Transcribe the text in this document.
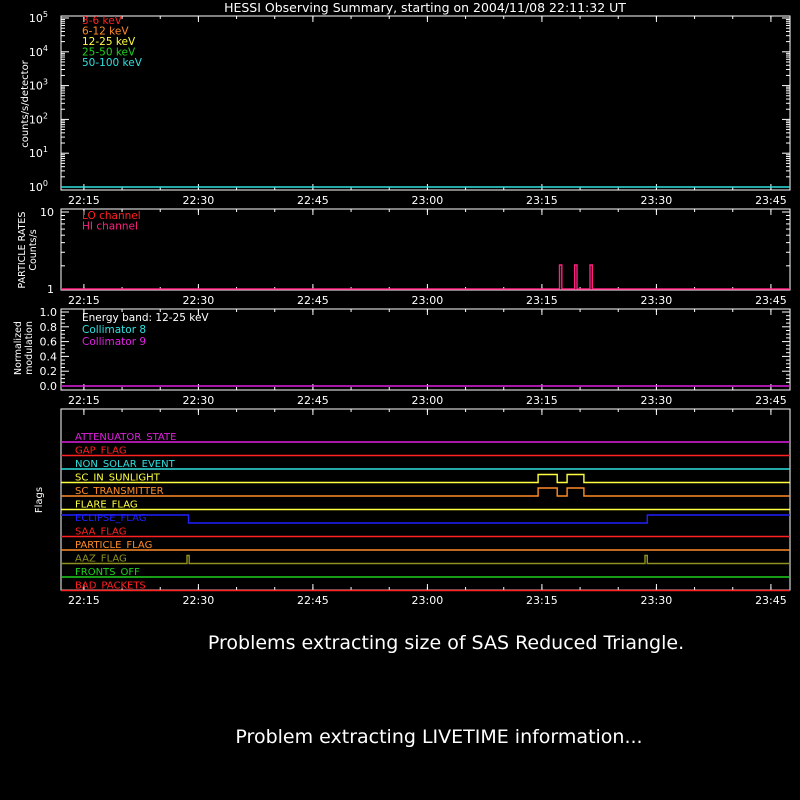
HESSI Observing Summary, starting on 2004/11/08 22:11:32 UT
22:15	22:30	22:45	23:00	23:15	23:30	23:45
22:15	22:30	22:45	23:00	23:15	23:30	23:45
22:15	22:30	22:45	23:00	23:15	23:30	23:45
22:15	22:30	22:45	23:00	23:15	23:30	23:45
$10^0$
$10^1$
$10^2$
$10^3$
$10^4$
$10^5$
counts/s/detector
3-6 keV
6-12 keV
12-25 keV
25-50 keV
50-100 keV
1
10
PARTICLE RATES Counts/s
LO channel
HI channel
0.0
0.2
0.4
0.6
0.8
1.0
Normalized modulation
Energy band: 12-25 keV
Collimator 8
Collimator 9
Flags
ATTENUATOR_STATE
GAP_FLAG
NON_SOLAR_EVENT
SC_IN_SUNLIGHT
SC_TRANSMITTER
FLARE_FLAG
ECLIPSE_FLAG
SAA_FLAG
PARTICLE_FLAG
AAZ_FLAG
FRONTS_OFF
BAD_PACKETS
Problems extracting size of SAS Reduced Triangle.
Problem extracting LIVETIME information...
